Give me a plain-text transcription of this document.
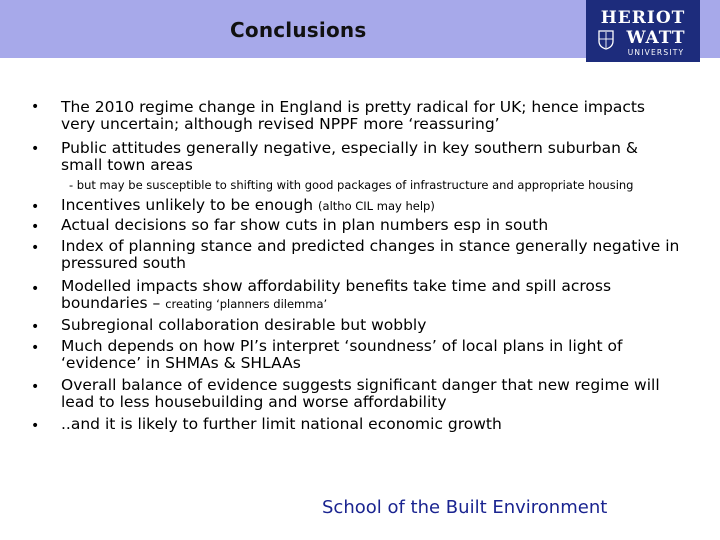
Conclusions	HERIOT
WATT
UNIVERSITY
• The 2010 regime change in England is pretty radical for UK; hence impacts very uncertain; although revised NPPF more ‘reassuring’
• Public attitudes generally negative, especially in key southern suburban & small town areas
- but may be susceptible to shifting with good packages of infrastructure and appropriate housing
• Incentives unlikely to be enough (altho CIL may help)
• Actual decisions so far show cuts in plan numbers esp in south
• Index of planning stance and predicted changes in stance generally negative in pressured south
• Modelled impacts show affordability benefits take time and spill across boundaries – creating ‘planners dilemma’
• Subregional collaboration desirable but wobbly
• Much depends on how PI’s interpret ‘soundness’ of local plans in light of ‘evidence’ in SHMAs & SHLAAs
• Overall balance of evidence suggests significant danger that new regime will lead to less housebuilding and worse affordability
• ..and it is likely to further limit national economic growth
School of the Built Environment
